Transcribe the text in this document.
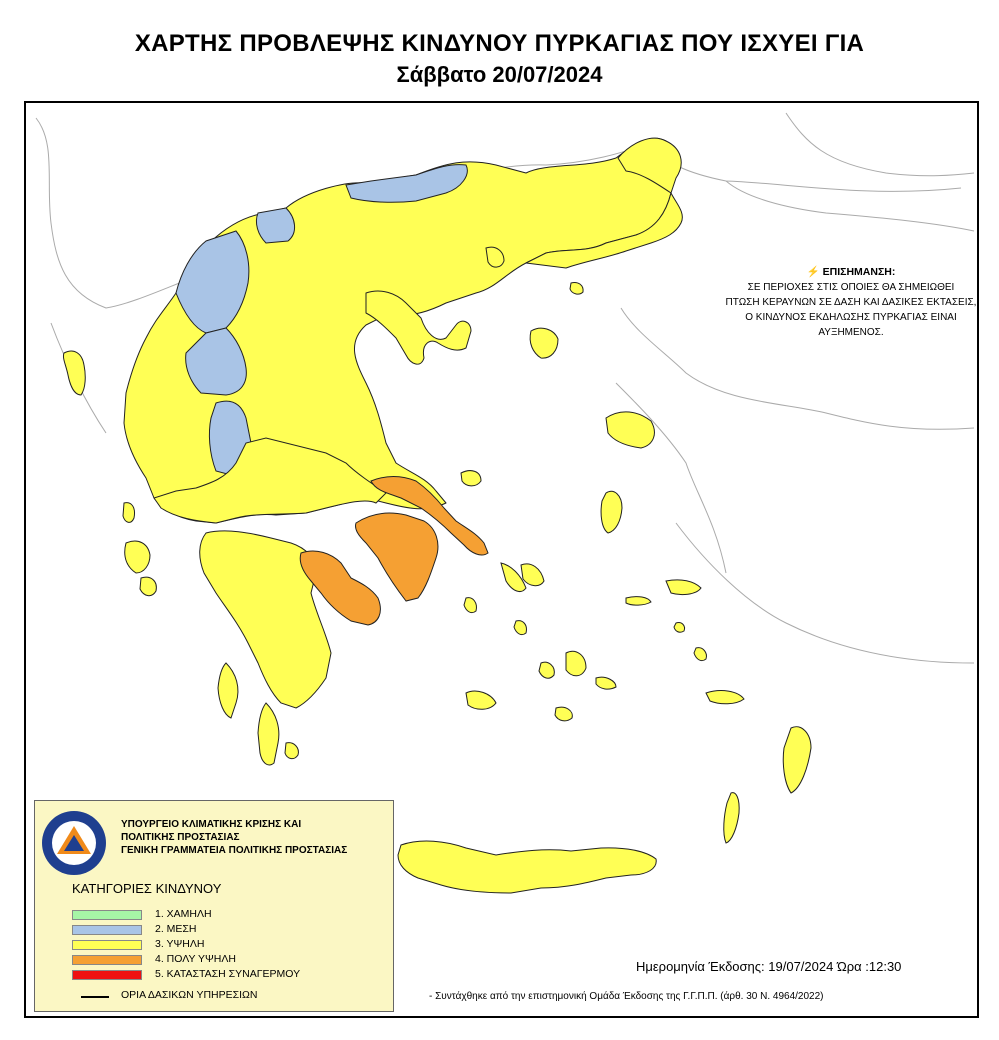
ΧΑΡΤΗΣ ΠΡΟΒΛΕΨΗΣ ΚΙΝΔΥΝΟΥ ΠΥΡΚΑΓΙΑΣ ΠΟΥ ΙΣΧΥΕΙ ΓΙΑ
Σάββατο 20/07/2024
⚡ ΕΠΙΣΗΜΑΝΣΗ:
ΣΕ ΠΕΡΙΟΧΕΣ ΣΤΙΣ ΟΠΟΙΕΣ ΘΑ ΣΗΜΕΙΩΘΕΙ
ΠΤΩΣΗ ΚΕΡΑΥΝΩΝ ΣΕ ΔΑΣΗ ΚΑΙ ΔΑΣΙΚΕΣ ΕΚΤΑΣΕΙΣ,
Ο ΚΙΝΔΥΝΟΣ ΕΚΔΗΛΩΣΗΣ ΠΥΡΚΑΓΙΑΣ ΕΙΝΑΙ ΑΥΞΗΜΕΝΟΣ.
ΥΠΟΥΡΓΕΙΟ ΚΛΙΜΑΤΙΚΗΣ ΚΡΙΣΗΣ ΚΑΙ
ΠΟΛΙΤΙΚΗΣ ΠΡΟΣΤΑΣΙΑΣ
ΓΕΝΙΚΗ ΓΡΑΜΜΑΤΕΙΑ ΠΟΛΙΤΙΚΗΣ ΠΡΟΣΤΑΣΙΑΣ
ΚΑΤΗΓΟΡΙΕΣ ΚΙΝΔΥΝΟΥ
1. ΧΑΜΗΛΗ
2. ΜΕΣΗ
3. ΥΨΗΛΗ
4. ΠΟΛΥ ΥΨΗΛΗ
5. ΚΑΤΑΣΤΑΣΗ ΣΥΝΑΓΕΡΜΟΥ
ΟΡΙΑ ΔΑΣΙΚΩΝ ΥΠΗΡΕΣΙΩΝ
Ημερομηνία Έκδοσης: 19/07/2024 Ώρα :12:30
- Συντάχθηκε από την επιστημονική Ομάδα Έκδοσης της Γ.Γ.Π.Π. (άρθ. 30 Ν. 4964/2022)
